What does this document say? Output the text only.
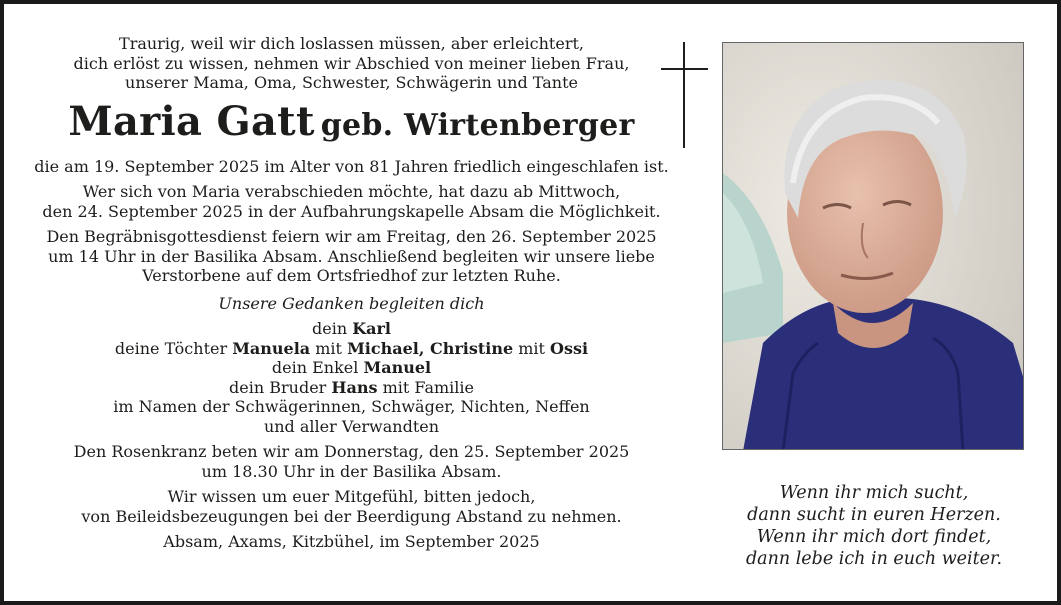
Traurig, weil wir dich loslassen müssen, aber erleichtert,

dich erlöst zu wissen, nehmen wir Abschied von meiner lieben Frau,

unserer Mama, Oma, Schwester, Schwägerin und Tante

Maria Gatt geb. Wirtenberger

die am 19. September 2025 im Alter von 81 Jahren friedlich eingeschlafen ist.

Wer sich von Maria verabschieden möchte, hat dazu ab Mittwoch,

den 24. September 2025 in der Aufbahrungskapelle Absam die Möglichkeit.

Den Begräbnisgottesdienst feiern wir am Freitag, den 26. September 2025

um 14 Uhr in der Basilika Absam. Anschließend begleiten wir unsere liebe

Verstorbene auf dem Ortsfriedhof zur letzten Ruhe.

Unsere Gedanken begleiten dich

dein Karl

deine Töchter Manuela mit Michael, Christine mit Ossi

dein Enkel Manuel

dein Bruder Hans mit Familie

im Namen der Schwägerinnen, Schwäger, Nichten, Neffen

und aller Verwandten

Den Rosenkranz beten wir am Donnerstag, den 25. September 2025

um 18.30 Uhr in der Basilika Absam.

Wir wissen um euer Mitgefühl, bitten jedoch,

von Beileidsbezeugungen bei der Beerdigung Abstand zu nehmen.

Absam, Axams, Kitzbühel, im September 2025

Wenn ihr mich sucht,

dann sucht in euren Herzen.

Wenn ihr mich dort findet,

dann lebe ich in euch weiter.
